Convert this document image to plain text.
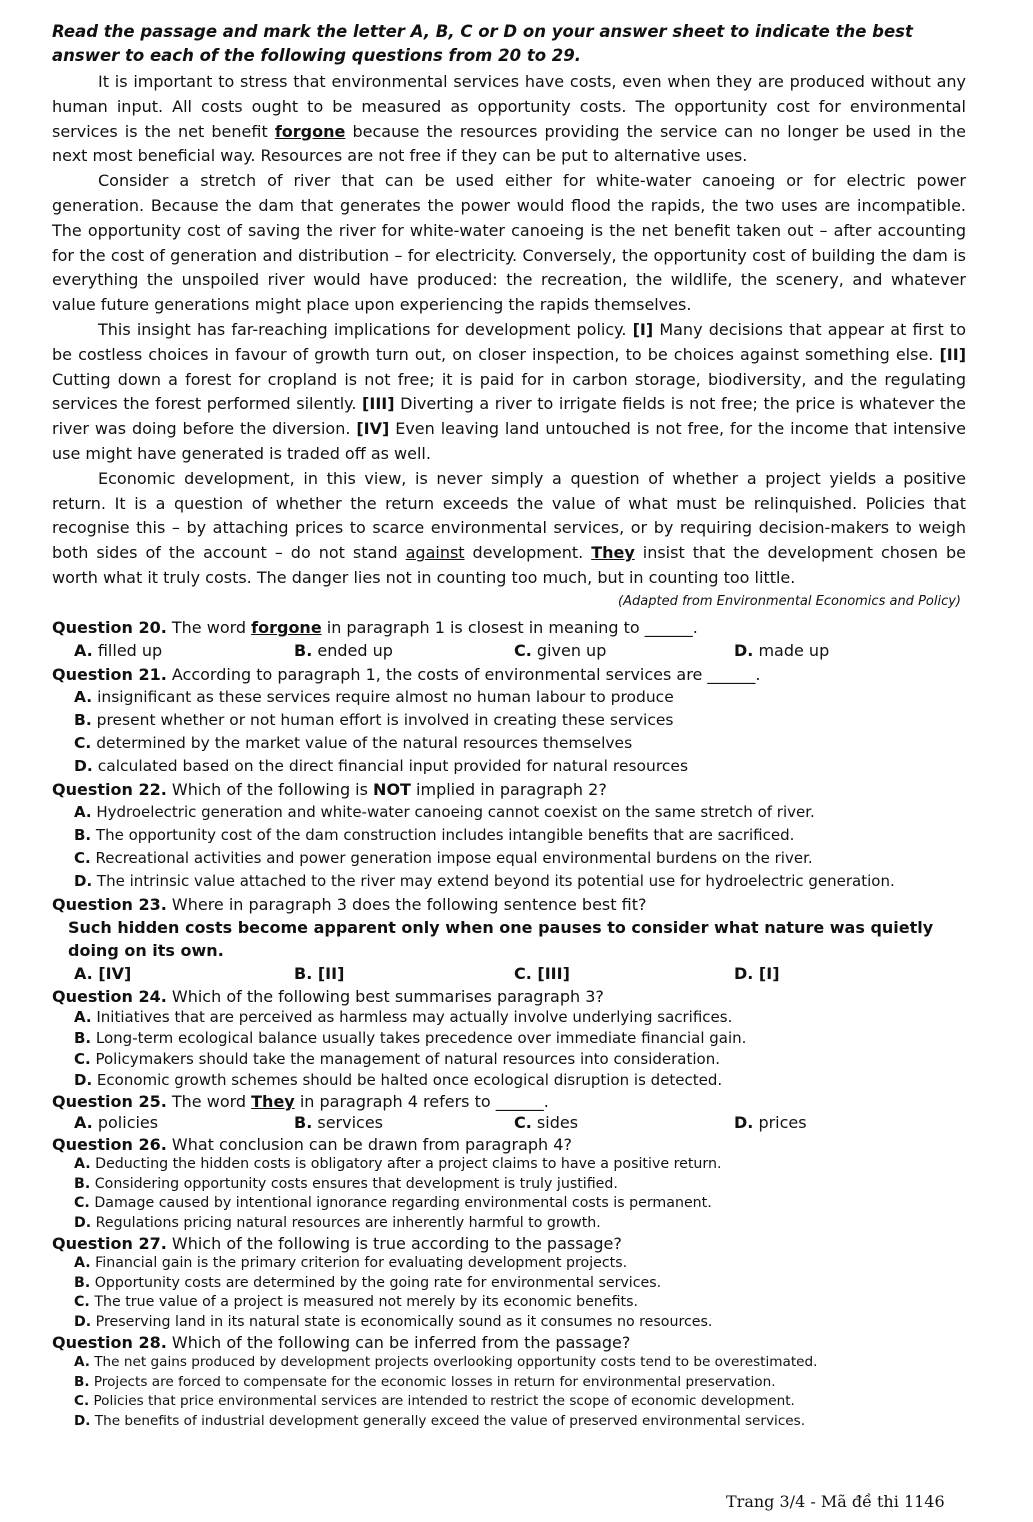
Read the passage and mark the letter A, B, C or D on your answer sheet to indicate the best answer to each of the following questions from 20 to 29.

It is important to stress that environmental services have costs, even when they are produced without any human input. All costs ought to be measured as opportunity costs. The opportunity cost for environmental services is the net benefit forgone because the resources providing the service can no longer be used in the next most beneficial way. Resources are not free if they can be put to alternative uses.

Consider a stretch of river that can be used either for white-water canoeing or for electric power generation. Because the dam that generates the power would flood the rapids, the two uses are incompatible. The opportunity cost of saving the river for white-water canoeing is the net benefit taken out – after accounting for the cost of generation and distribution – for electricity. Conversely, the opportunity cost of building the dam is everything the unspoiled river would have produced: the recreation, the wildlife, the scenery, and whatever value future generations might place upon experiencing the rapids themselves.

This insight has far-reaching implications for development policy. [I] Many decisions that appear at first to be costless choices in favour of growth turn out, on closer inspection, to be choices against something else. [II] Cutting down a forest for cropland is not free; it is paid for in carbon storage, biodiversity, and the regulating services the forest performed silently. [III] Diverting a river to irrigate fields is not free; the price is whatever the river was doing before the diversion. [IV] Even leaving land untouched is not free, for the income that intensive use might have generated is traded off as well.

Economic development, in this view, is never simply a question of whether a project yields a positive return. It is a question of whether the return exceeds the value of what must be relinquished. Policies that recognise this – by attaching prices to scarce environmental services, or by requiring decision-makers to weigh both sides of the account – do not stand against development. They insist that the development chosen be worth what it truly costs. The danger lies not in counting too much, but in counting too little.

(Adapted from Environmental Economics and Policy)
Question 20. The word forgone in paragraph 1 is closest in meaning to ______.
A. filled up	B. ended up	C. given up	D. made up
Question 21. According to paragraph 1, the costs of environmental services are ______.
A. insignificant as these services require almost no human labour to produce
B. present whether or not human effort is involved in creating these services
C. determined by the market value of the natural resources themselves
D. calculated based on the direct financial input provided for natural resources
Question 22. Which of the following is NOT implied in paragraph 2?
A. Hydroelectric generation and white-water canoeing cannot coexist on the same stretch of river.
B. The opportunity cost of the dam construction includes intangible benefits that are sacrificed.
C. Recreational activities and power generation impose equal environmental burdens on the river.
D. The intrinsic value attached to the river may extend beyond its potential use for hydroelectric generation.
Question 23. Where in paragraph 3 does the following sentence best fit?
Such hidden costs become apparent only when one pauses to consider what nature was quietly doing on its own.
A. [IV]	B. [II]	C. [III]	D. [I]
Question 24. Which of the following best summarises paragraph 3?
A. Initiatives that are perceived as harmless may actually involve underlying sacrifices.
B. Long-term ecological balance usually takes precedence over immediate financial gain.
C. Policymakers should take the management of natural resources into consideration.
D. Economic growth schemes should be halted once ecological disruption is detected.
Question 25. The word They in paragraph 4 refers to ______.
A. policies	B. services	C. sides	D. prices
Question 26. What conclusion can be drawn from paragraph 4?
A. Deducting the hidden costs is obligatory after a project claims to have a positive return.
B. Considering opportunity costs ensures that development is truly justified.
C. Damage caused by intentional ignorance regarding environmental costs is permanent.
D. Regulations pricing natural resources are inherently harmful to growth.
Question 27. Which of the following is true according to the passage?
A. Financial gain is the primary criterion for evaluating development projects.
B. Opportunity costs are determined by the going rate for environmental services.
C. The true value of a project is measured not merely by its economic benefits.
D. Preserving land in its natural state is economically sound as it consumes no resources.
Question 28. Which of the following can be inferred from the passage?
A. The net gains produced by development projects overlooking opportunity costs tend to be overestimated.
B. Projects are forced to compensate for the economic losses in return for environmental preservation.
C. Policies that price environmental services are intended to restrict the scope of economic development.
D. The benefits of industrial development generally exceed the value of preserved environmental services.
Trang 3/4 - Mã đề thi 1146
